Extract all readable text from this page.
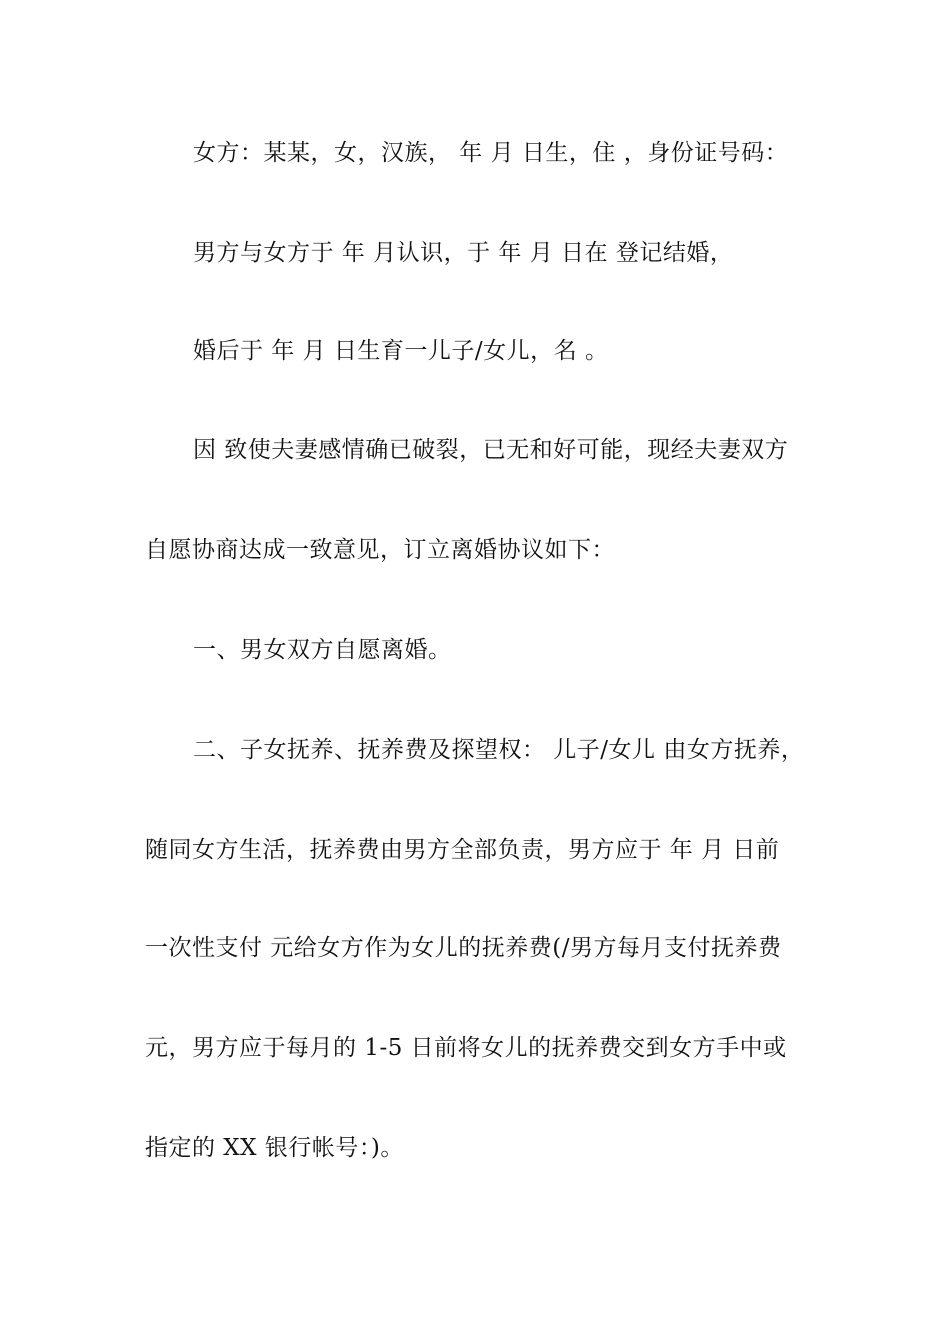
女方：某某，女，汉族， 年 月 日生，住 ，身份证号码：
男方与女方于 年 月认识，于 年 月 日在 登记结婚，
婚后于 年 月 日生育一儿子/女儿，名 。
因 致使夫妻感情确已破裂，已无和好可能，现经夫妻双方
自愿协商达成一致意见，订立离婚协议如下：
一、男女双方自愿离婚。
二、子女抚养、抚养费及探望权： 儿子/女儿 由女方抚养，
随同女方生活，抚养费由男方全部负责，男方应于 年 月 日前
一次性支付 元给女方作为女儿的抚养费(/男方每月支付抚养费
元，男方应于每月的 1-5 日前将女儿的抚养费交到女方手中或
指定的 XX 银行帐号：)。
